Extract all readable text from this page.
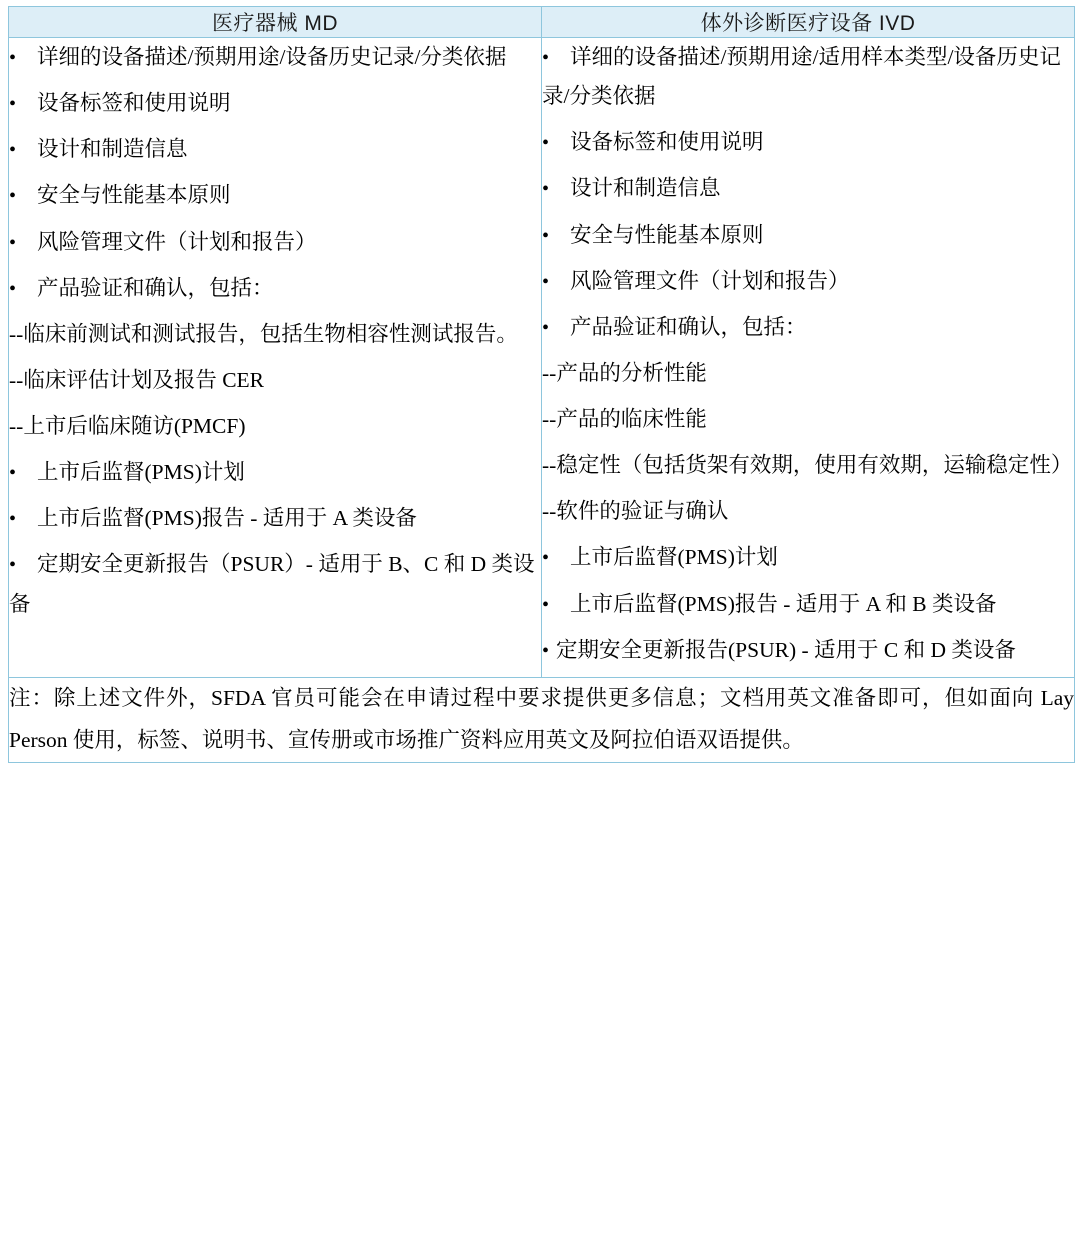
医疗器械 MD	体外诊断医疗设备 IVD

• 详细的设备描述/预期用途/设备历史记录/分类依据
• 设备标签和使用说明
• 设计和制造信息
• 安全与性能基本原则
• 风险管理文件（计划和报告）
• 产品验证和确认，包括：
--临床前测试和测试报告，包括生物相容性测试报告。
--临床评估计划及报告 CER
--上市后临床随访(PMCF)
• 上市后监督(PMS)计划
• 上市后监督(PMS)报告 - 适用于 A 类设备
• 定期安全更新报告（PSUR）- 适用于 B、C 和 D 类设备

• 详细的设备描述/预期用途/适用样本类型/设备历史记录/分类依据
• 设备标签和使用说明
• 设计和制造信息
• 安全与性能基本原则
• 风险管理文件（计划和报告）
• 产品验证和确认，包括：
--产品的分析性能
--产品的临床性能
--稳定性（包括货架有效期，使用有效期，运输稳定性）
--软件的验证与确认
• 上市后监督(PMS)计划
• 上市后监督(PMS)报告 - 适用于 A 和 B 类设备
• 定期安全更新报告(PSUR) - 适用于 C 和 D 类设备

注：除上述文件外，SFDA 官员可能会在申请过程中要求提供更多信息；文档用英文准备即可，但如面向 Lay Person 使用，标签、说明书、宣传册或市场推广资料应用英文及阿拉伯语双语提供。	
